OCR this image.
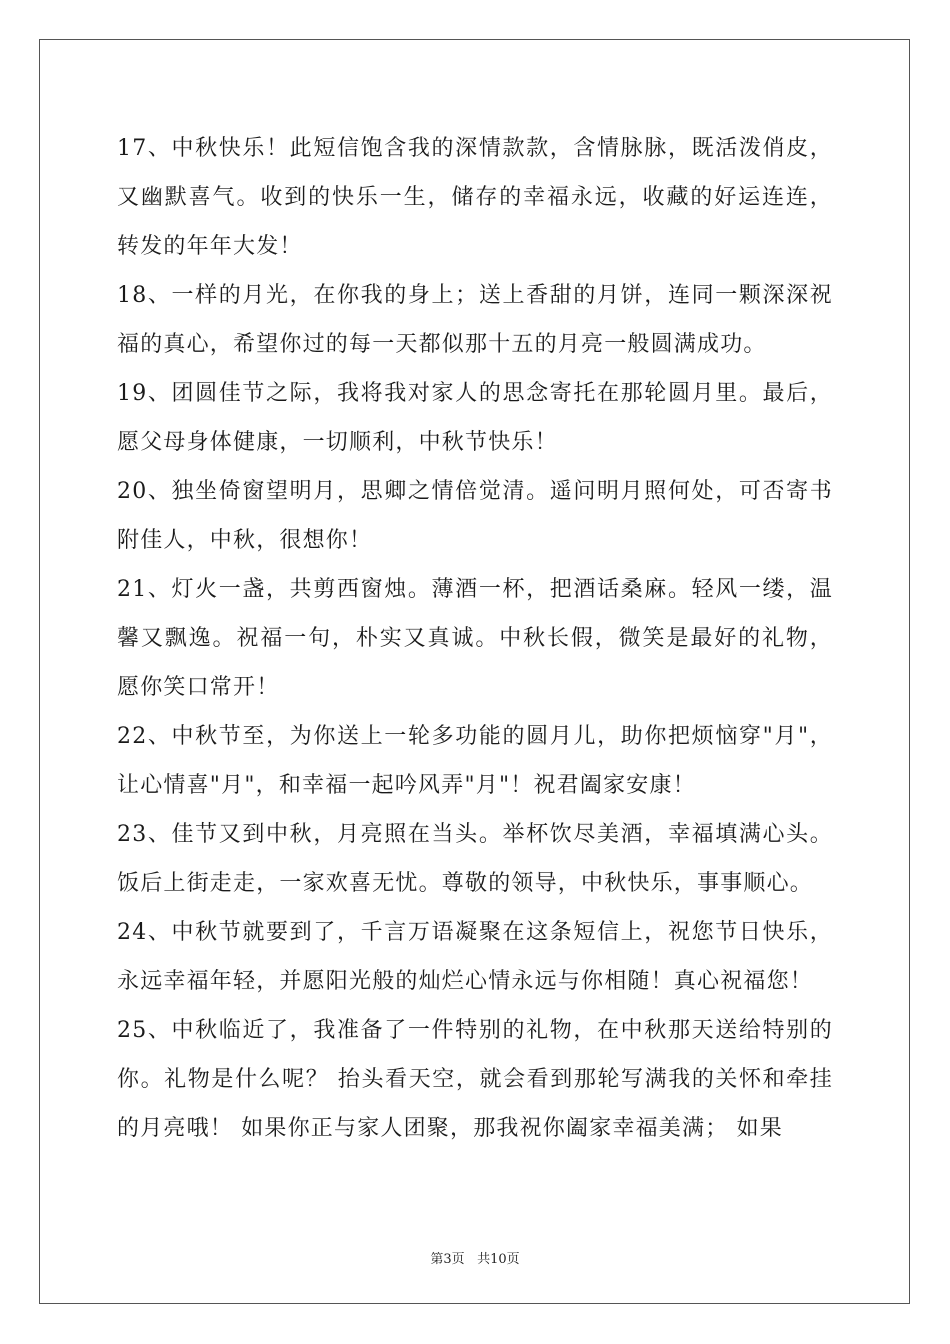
17、中秋快乐！此短信饱含我的深情款款，含情脉脉，既活泼俏皮，又幽默喜气。收到的快乐一生，储存的幸福永远，收藏的好运连连，转发的年年大发！

18、一样的月光，在你我的身上；送上香甜的月饼，连同一颗深深祝福的真心，希望你过的每一天都似那十五的月亮一般圆满成功。

19、团圆佳节之际，我将我对家人的思念寄托在那轮圆月里。最后，愿父母身体健康，一切顺利，中秋节快乐！

20、独坐倚窗望明月，思卿之情倍觉清。遥问明月照何处，可否寄书附佳人，中秋，很想你！

21、灯火一盏，共剪西窗烛。薄酒一杯，把酒话桑麻。轻风一缕，温馨又飘逸。祝福一句，朴实又真诚。中秋长假，微笑是最好的礼物，愿你笑口常开！

22、中秋节至，为你送上一轮多功能的圆月儿，助你把烦恼穿"月"，让心情喜"月"，和幸福一起吟风弄"月"！祝君阖家安康！

23、佳节又到中秋，月亮照在当头。举杯饮尽美酒，幸福填满心头。饭后上街走走，一家欢喜无忧。尊敬的领导，中秋快乐，事事顺心。

24、中秋节就要到了，千言万语凝聚在这条短信上，祝您节日快乐，永远幸福年轻，并愿阳光般的灿烂心情永远与你相随！真心祝福您！

25、中秋临近了，我准备了一件特别的礼物，在中秋那天送给特别的你。礼物是什么呢？ 抬头看天空，就会看到那轮写满我的关怀和牵挂的月亮哦！ 如果你正与家人团聚，那我祝你阖家幸福美满； 如果

第3页 共10页
